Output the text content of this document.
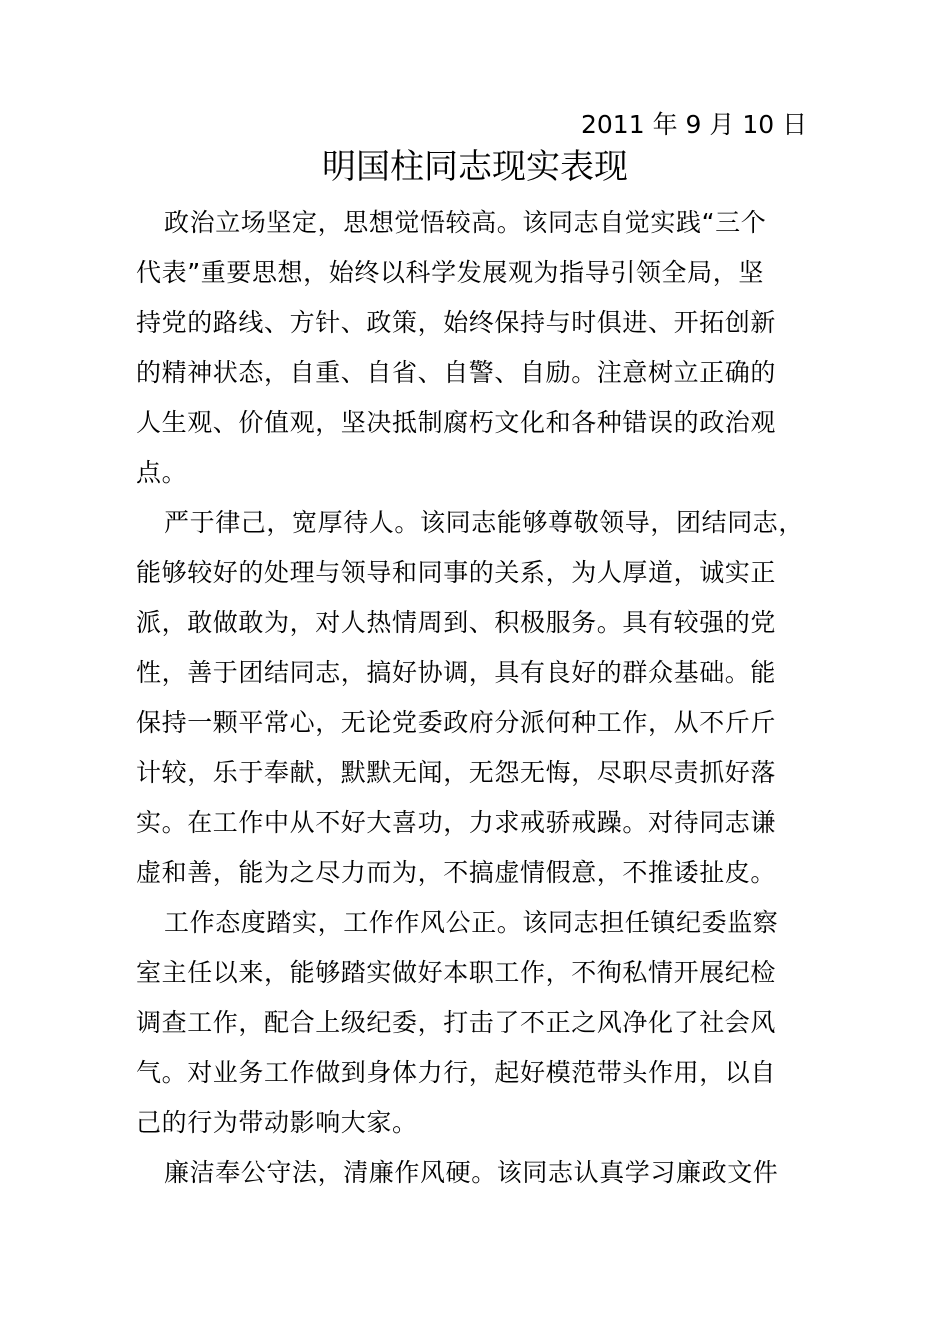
2011 年 9 月 10 日
明国柱同志现实表现
政治立场坚定，思想觉悟较高。该同志自觉实践“三个
代表”重要思想，始终以科学发展观为指导引领全局，坚
持党的路线、方针、政策，始终保持与时俱进、开拓创新
的精神状态，自重、自省、自警、自励。注意树立正确的
人生观、价值观，坚决抵制腐朽文化和各种错误的政治观
点。
严于律己，宽厚待人。该同志能够尊敬领导，团结同志，
能够较好的处理与领导和同事的关系，为人厚道，诚实正
派，敢做敢为，对人热情周到、积极服务。具有较强的党
性，善于团结同志，搞好协调，具有良好的群众基础。能
保持一颗平常心，无论党委政府分派何种工作，从不斤斤
计较，乐于奉献，默默无闻，无怨无悔，尽职尽责抓好落
实。在工作中从不好大喜功，力求戒骄戒躁。对待同志谦
虚和善，能为之尽力而为，不搞虚情假意，不推诿扯皮。
工作态度踏实，工作作风公正。该同志担任镇纪委监察
室主任以来，能够踏实做好本职工作，不徇私情开展纪检
调查工作，配合上级纪委，打击了不正之风净化了社会风
气。对业务工作做到身体力行，起好模范带头作用，以自
己的行为带动影响大家。
廉洁奉公守法，清廉作风硬。该同志认真学习廉政文件
